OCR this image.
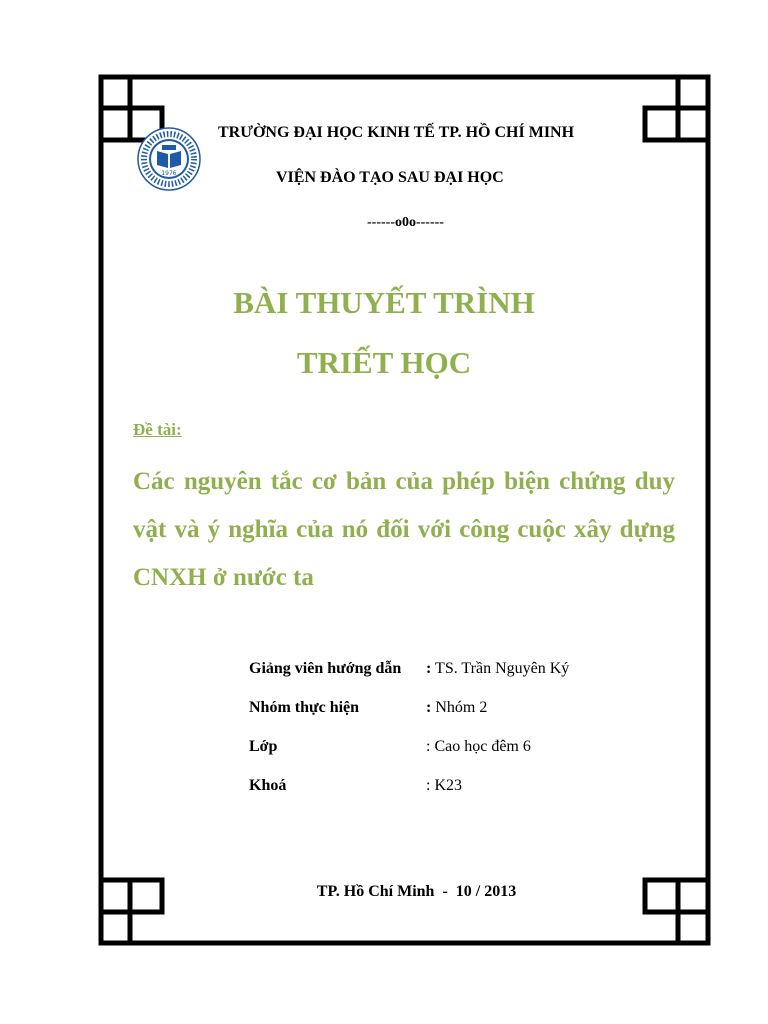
1976
TRƯỜNG ĐẠI HỌC KINH TẾ TP. HỒ CHÍ MINH
VIỆN ĐÀO TẠO SAU ĐẠI HỌC
------o0o------
BÀI THUYẾT TRÌNH
TRIẾT HỌC
Đề tài:
Các nguyên tắc cơ bản của phép biện chứng duy vật và ý nghĩa của nó đối với công cuộc xây dựng CNXH ở nước ta
Giảng viên hướng dẫn : TS. Trần Nguyên Ký
Nhóm thực hiện	: Nhóm 2
Lớp	: Cao học đêm 6
Khoá	: K23
TP. Hồ Chí Minh  -  10 / 2013
